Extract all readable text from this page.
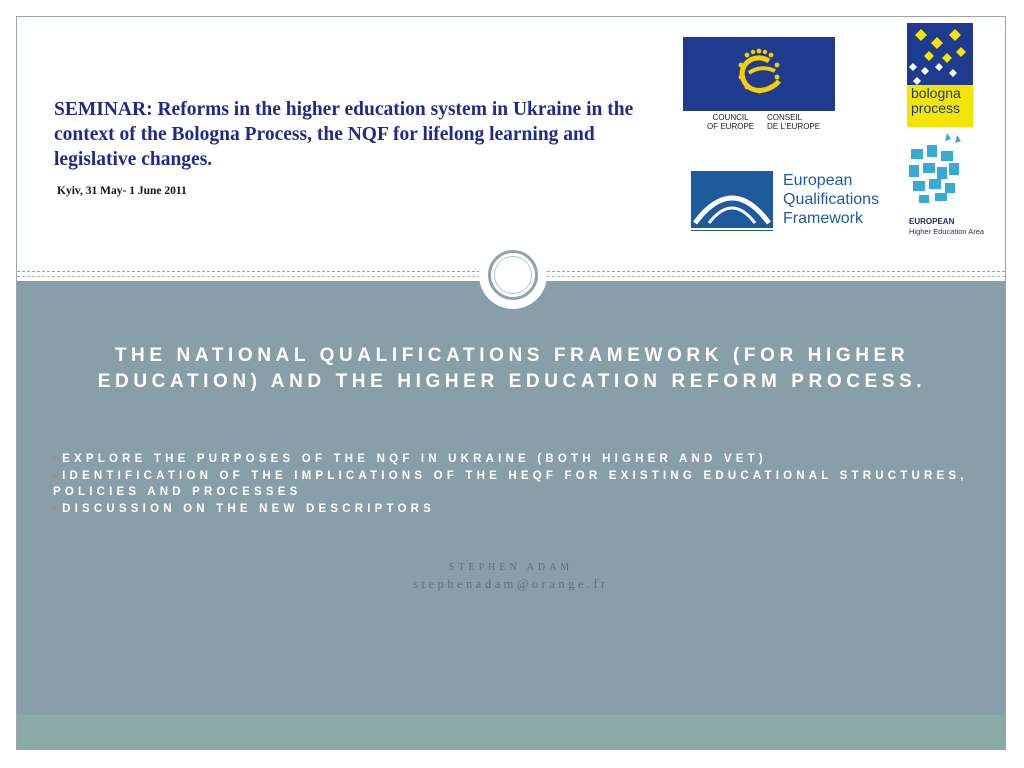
SEMINAR: Reforms in the higher education system in Ukraine in the context of the Bologna Process, the NQF for lifelong learning and legislative changes.
Kyiv, 31 May- 1 June 2011
COUNCIL
OF EUROPE
CONSEIL
DE L'EUROPE
bologna
process
EUROPEAN
Higher Education Area
European
Qualifications
Framework
THE NATIONAL QUALIFICATIONS FRAMEWORK (FOR HIGHER EDUCATION) AND THE HIGHER EDUCATION REFORM PROCESS.
• EXPLORE THE PURPOSES OF THE NQF IN UKRAINE (BOTH HIGHER AND VET)
• IDENTIFICATION OF THE IMPLICATIONS OF THE HEQF FOR EXISTING EDUCATIONAL STRUCTURES, POLICIES AND PROCESSES
• DISCUSSION ON THE NEW DESCRIPTORS
STEPHEN ADAM
stephenadam@orange.fr
